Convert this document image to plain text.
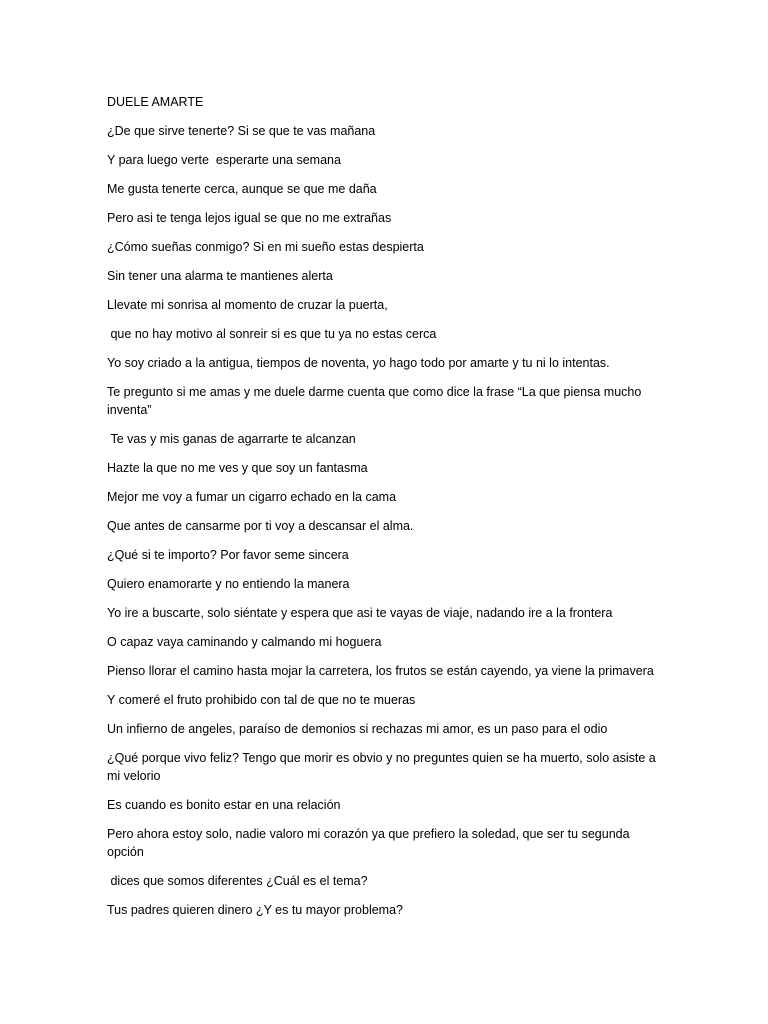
DUELE AMARTE
¿De que sirve tenerte? Si se que te vas mañana
Y para luego verte  esperarte una semana
Me gusta tenerte cerca, aunque se que me daña
Pero asi te tenga lejos igual se que no me extrañas
¿Cómo sueñas conmigo? Si en mi sueño estas despierta
Sin tener una alarma te mantienes alerta
Llevate mi sonrisa al momento de cruzar la puerta,
que no hay motivo al sonreir si es que tu ya no estas cerca
Yo soy criado a la antigua, tiempos de noventa, yo hago todo por amarte y tu ni lo intentas.
Te pregunto si me amas y me duele darme cuenta que como dice la frase “La que piensa mucho inventa”
Te vas y mis ganas de agarrarte te alcanzan
Hazte la que no me ves y que soy un fantasma
Mejor me voy a fumar un cigarro echado en la cama
Que antes de cansarme por ti voy a descansar el alma.
¿Qué si te importo? Por favor seme sincera
Quiero enamorarte y no entiendo la manera
Yo ire a buscarte, solo siéntate y espera que asi te vayas de viaje, nadando ire a la frontera
O capaz vaya caminando y calmando mi hoguera
Pienso llorar el camino hasta mojar la carretera, los frutos se están cayendo, ya viene la primavera
Y comeré el fruto prohibido con tal de que no te mueras
Un infierno de angeles, paraíso de demonios si rechazas mi amor, es un paso para el odio
¿Qué porque vivo feliz? Tengo que morir es obvio y no preguntes quien se ha muerto, solo asiste a mi velorio
Es cuando es bonito estar en una relación
Pero ahora estoy solo, nadie valoro mi corazón ya que prefiero la soledad, que ser tu segunda opción
dices que somos diferentes ¿Cuál es el tema?
Tus padres quieren dinero ¿Y es tu mayor problema?
